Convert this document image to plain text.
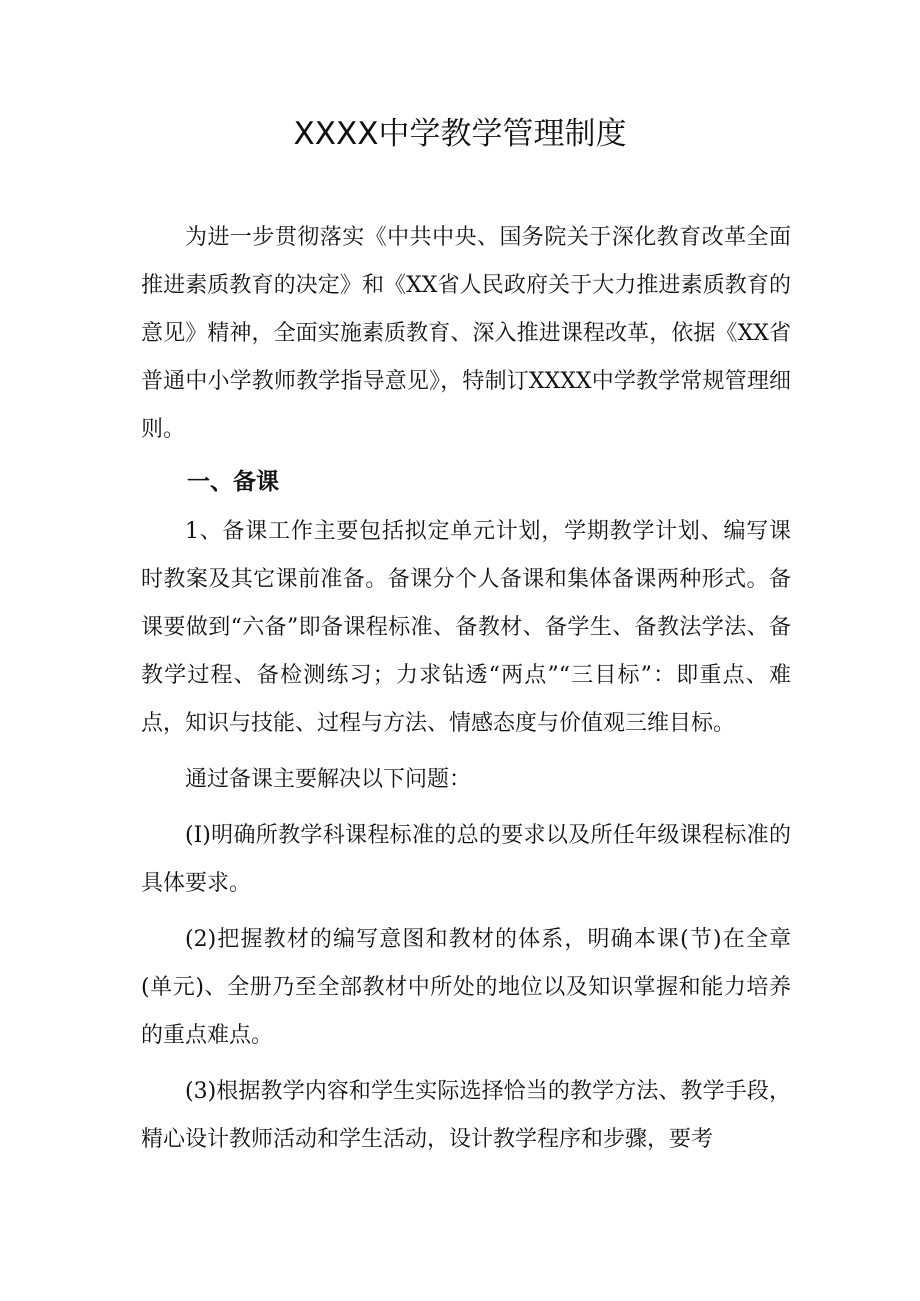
XXXX中学教学管理制度

为进一步贯彻落实《中共中央、国务院关于深化教育改革全面推进素质教育的决定》和《XX省人民政府关于大力推进素质教育的意见》精神，全面实施素质教育、深入推进课程改革，依据《XX省普通中小学教师教学指导意见》，特制订XXXX中学教学常规管理细则。

一、备课

1、备课工作主要包括拟定单元计划，学期教学计划、编写课时教案及其它课前准备。备课分个人备课和集体备课两种形式。备课要做到“六备”即备课程标准、备教材、备学生、备教法学法、备教学过程、备检测练习；力求钻透“两点”“三目标”：即重点、难点，知识与技能、过程与方法、情感态度与价值观三维目标。

通过备课主要解决以下问题：

(I)明确所教学科课程标准的总的要求以及所任年级课程标准的具体要求。

(2)把握教材的编写意图和教材的体系，明确本课(节)在全章(单元)、全册乃至全部教材中所处的地位以及知识掌握和能力培养的重点难点。

(3)根据教学内容和学生实际选择恰当的教学方法、教学手段，精心设计教师活动和学生活动，设计教学程序和步骤，要考
